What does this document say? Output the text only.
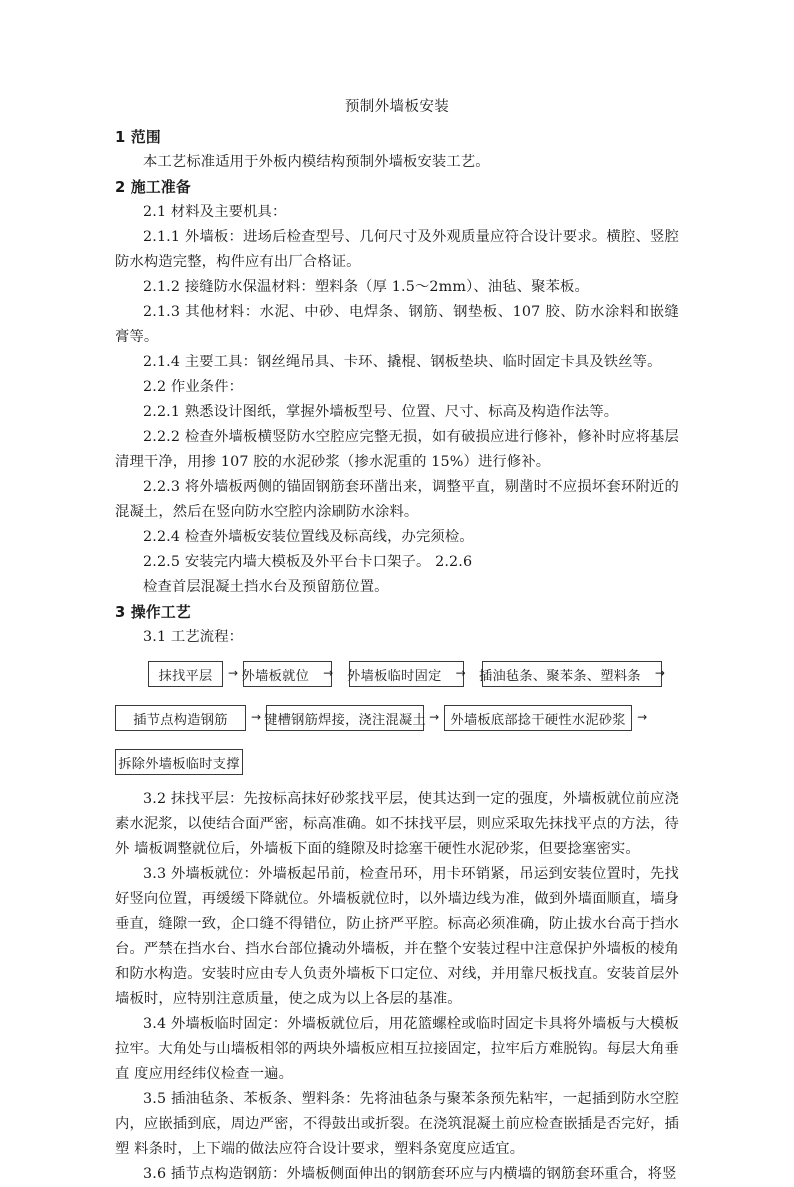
预制外墙板安装
1 范围
本工艺标准适用于外板内模结构预制外墙板安装工艺。
2 施工准备
2.1 材料及主要机具：
2.1.1 外墙板：进场后检查型号、几何尺寸及外观质量应符合设计要求。横腔、竖腔防水构造完整，构件应有出厂合格证。
2.1.2 接缝防水保温材料：塑料条（厚 1.5～2mm）、油毡、聚苯板。
2.1.3 其他材料：水泥、中砂、电焊条、钢筋、钢垫板、107 胶、防水涂料和嵌缝膏等。
2.1.4 主要工具：钢丝绳吊具、卡环、撬棍、钢板垫块、临时固定卡具及铁丝等。
2.2 作业条件：
2.2.1 熟悉设计图纸，掌握外墙板型号、位置、尺寸、标高及构造作法等。
2.2.2 检查外墙板横竖防水空腔应完整无损，如有破损应进行修补，修补时应将基层清理干净，用掺 107 胶的水泥砂浆（掺水泥重的 15%）进行修补。
2.2.3 将外墙板两侧的锚固钢筋套环凿出来，调整平直，剔凿时不应损坏套环附近的混凝土，然后在竖向防水空腔内涂刷防水涂料。
2.2.4 检查外墙板安装位置线及标高线，办完须检。
2.2.5 安装完内墙大模板及外平台卡口架子。 2.2.6
检查首层混凝土挡水台及预留筋位置。
3 操作工艺
3.1 工艺流程：
抹找平层	→ 外墙板就位	→ 外墙板临时固定	→ 插油毡条、聚苯条、塑料条	→
插节点构造钢筋	→ 键槽钢筋焊接，浇注混凝土 → 外墙板底部捻干硬性水泥砂浆 →
拆除外墙板临时支撑
3.2 抹找平层：先按标高抹好砂浆找平层，使其达到一定的强度，外墙板就位前应浇素水泥浆，以使结合面严密，标高准确。如不抹找平层，则应采取先抹找平点的方法，待外 墙板调整就位后，外墙板下面的缝隙及时捻塞干硬性水泥砂浆，但要捻塞密实。
3.3 外墙板就位：外墙板起吊前，检查吊环，用卡环销紧，吊运到安装位置时，先找好竖向位置，再缓缓下降就位。外墙板就位时，以外墙边线为准，做到外墙面顺直，墙身垂直，缝隙一致，企口缝不得错位，防止挤严平腔。标高必须准确，防止拔水台高于挡水台。严禁在挡水台、挡水台部位撬动外墙板，并在整个安装过程中注意保护外墙板的棱角和防水构造。安装时应由专人负责外墙板下口定位、对线，并用靠尺板找直。安装首层外墙板时，应特别注意质量，使之成为以上各层的基准。
3.4 外墙板临时固定：外墙板就位后，用花篮螺栓或临时固定卡具将外墙板与大模板拉牢。大角处与山墙板相邻的两块外墙板应相互拉接固定，拉牢后方难脱钩。每层大角垂直 度应用经纬仪检查一遍。
3.5 插油毡条、苯板条、塑料条：先将油毡条与聚苯条预先粘牢，一起插到防水空腔内，应嵌插到底，周边严密，不得鼓出或折裂。在浇筑混凝土前应检查嵌插是否完好，插塑 料条时，上下端的做法应符合设计要求，塑料条宽度应适宜。
3.6 插节点构造钢筋：外墙板侧面伸出的钢筋套环应与内横墙的钢筋套环重合，将竖
